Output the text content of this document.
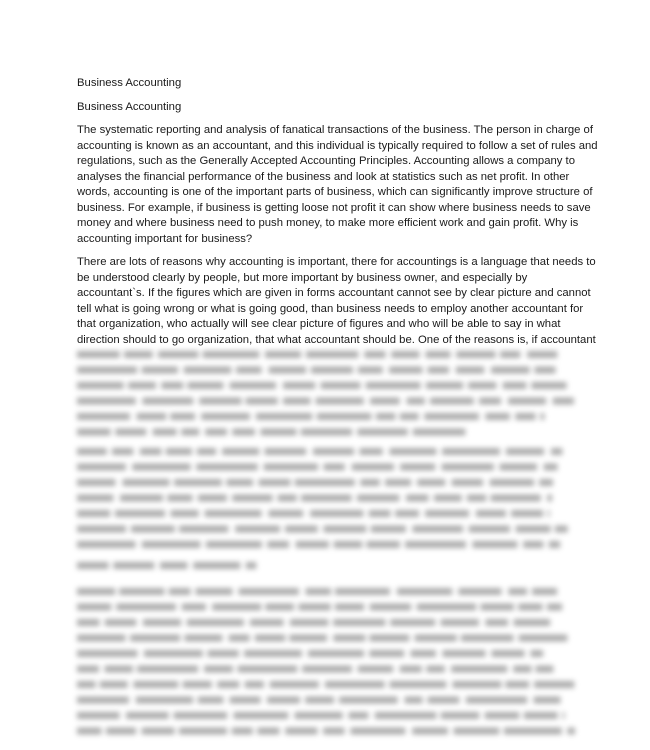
Business Accounting
Business Accounting
The systematic reporting and analysis of fanatical transactions of the business. The person in charge of
accounting is known as an accountant, and this individual is typically required to follow a set of rules and
regulations, such as the Generally Accepted Accounting Principles. Accounting allows a company to
analyses the financial performance of the business and look at statistics such as net profit. In other
words, accounting is one of the important parts of business, which can significantly improve structure of
business. For example, if business is getting loose not profit it can show where business needs to save
money and where business need to push money, to make more efficient work and gain profit. Why is
accounting important for business?
There are lots of reasons why accounting is important, there for accountings is a language that needs to
be understood clearly by people, but more important by business owner, and especially by
accountant`s. If the figures which are given in forms accountant cannot see by clear picture and cannot
tell what is going wrong or what is going good, than business needs to employ another accountant for
that organization, who actually will see clear picture of figures and who will be able to say in what
direction should to go organization, that what accountant should be. One of the reasons is, if accountant
